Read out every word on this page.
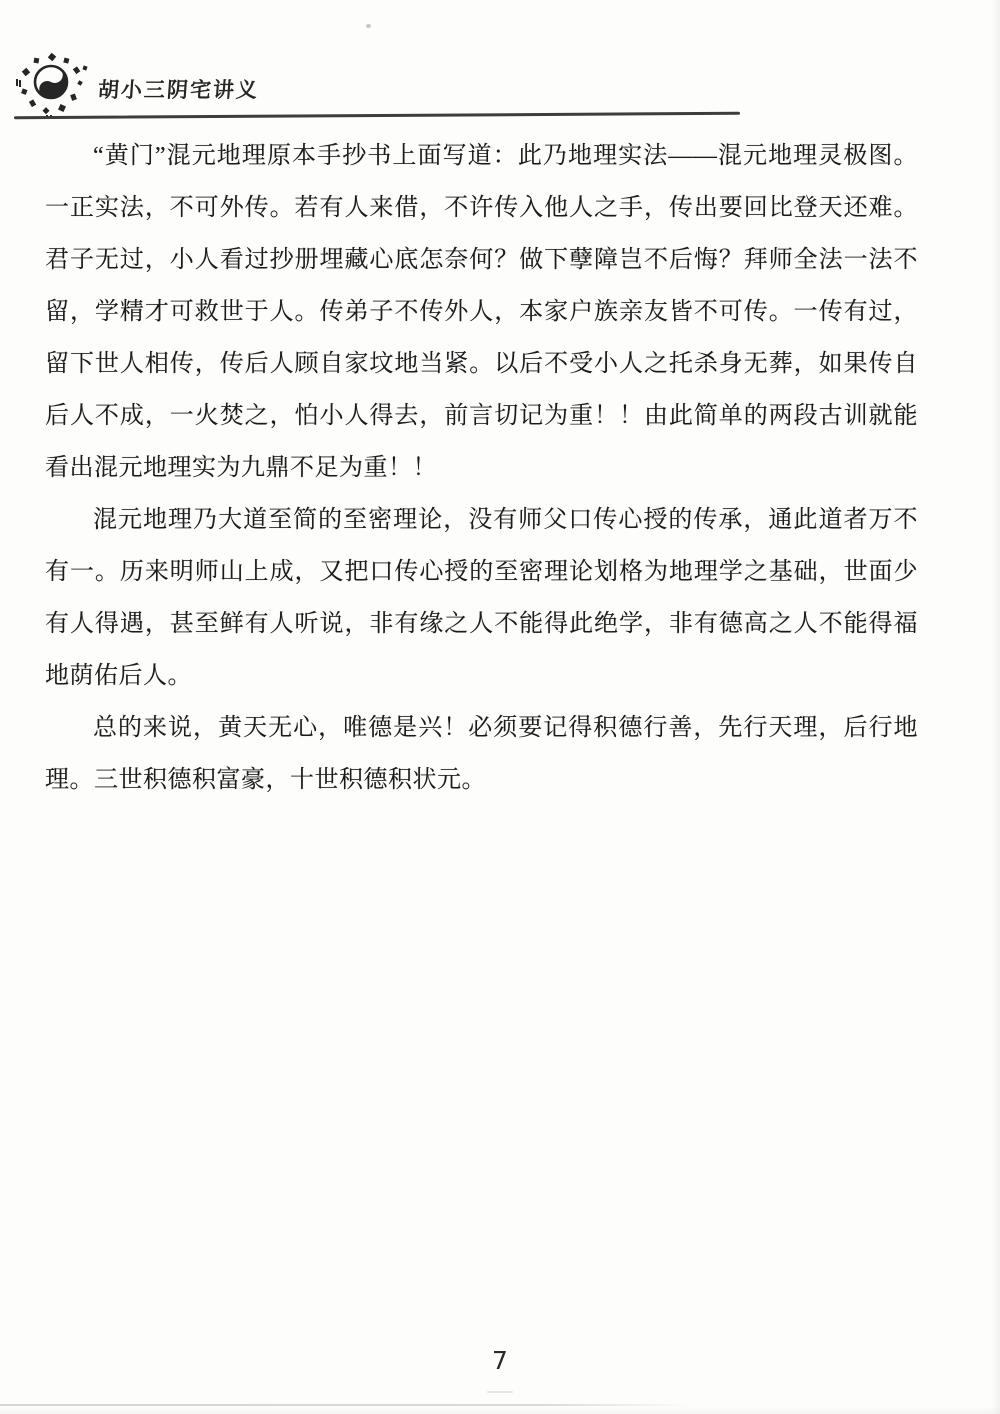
胡小三阴宅讲义
“黄门”混元地理原本手抄书上面写道：此乃地理实法——混元地理灵极图。
一正实法，不可外传。若有人来借，不许传入他人之手，传出要回比登天还难。
君子无过，小人看过抄册埋藏心底怎奈何？做下孽障岂不后悔？拜师全法一法不
留，学精才可救世于人。传弟子不传外人，本家户族亲友皆不可传。一传有过，
留下世人相传，传后人顾自家坟地当紧。以后不受小人之托杀身无葬，如果传自
后人不成，一火焚之，怕小人得去，前言切记为重！！由此简单的两段古训就能
看出混元地理实为九鼎不足为重！！
混元地理乃大道至简的至密理论，没有师父口传心授的传承，通此道者万不
有一。历来明师山上成，又把口传心授的至密理论划格为地理学之基础，世面少
有人得遇，甚至鲜有人听说，非有缘之人不能得此绝学，非有德高之人不能得福
地荫佑后人。
总的来说，黄天无心，唯德是兴！必须要记得积德行善，先行天理，后行地
理。三世积德积富豪，十世积德积状元。
7
